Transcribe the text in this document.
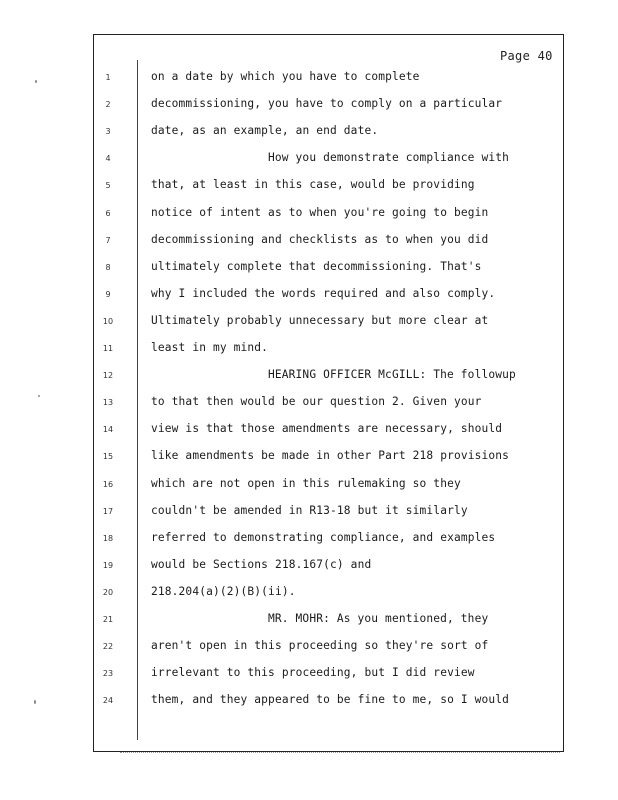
Page 40
1	on a date by which you have to complete
2	decommissioning, you have to comply on a particular
3	date, as an example, an end date.
4	How you demonstrate compliance with
5	that, at least in this case, would be providing
6	notice of intent as to when you're going to begin
7	decommissioning and checklists as to when you did
8	ultimately complete that decommissioning. That's
9	why I included the words required and also comply.
10	Ultimately probably unnecessary but more clear at
11	least in my mind.
12	HEARING OFFICER McGILL: The followup
13	to that then would be our question 2. Given your
14	view is that those amendments are necessary, should
15	like amendments be made in other Part 218 provisions
16	which are not open in this rulemaking so they
17	couldn't be amended in R13-18 but it similarly
18	referred to demonstrating compliance, and examples
19	would be Sections 218.167(c) and
20	218.204(a)(2)(B)(ii).
21	MR. MOHR: As you mentioned, they
22	aren't open in this proceeding so they're sort of
23	irrelevant to this proceeding, but I did review
24	them, and they appeared to be fine to me, so I would
